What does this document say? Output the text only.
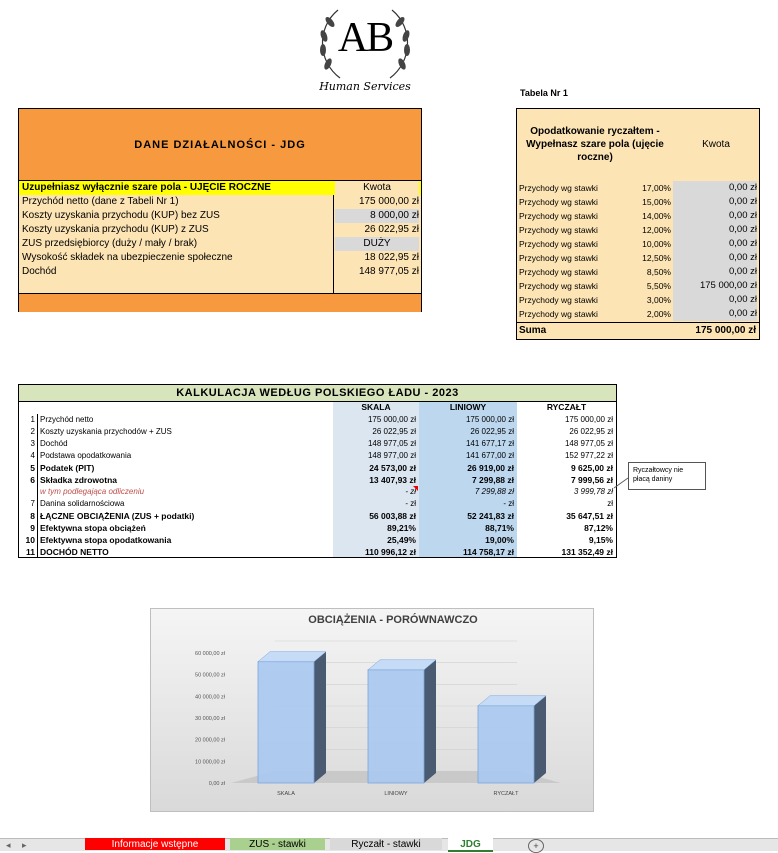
AB
Human Services	Tabela Nr 1
DANE DZIAŁALNOŚCI - JDG
Uzupełniasz wyłącznie szare pola - UJĘCIE ROCZNE	Kwota
Przychód netto (dane z Tabeli Nr 1)	175 000,00 zł
Koszty uzyskania przychodu (KUP) bez ZUS	8 000,00 zł
Koszty uzyskania przychodu (KUP) z ZUS	26 022,95 zł
ZUS przedsiębiorcy (duży / mały / brak)	DUŻY
Wysokość składek na ubezpieczenie społeczne	18 022,95 zł
Dochód	148 977,05 zł
Opodatkowanie ryczałtem - Wypełnasz szare pola (ujęcie roczne)
Kwota
Przychody wg stawki	17,00%	0,00 zł
Przychody wg stawki	15,00%	0,00 zł
Przychody wg stawki	14,00%	0,00 zł
Przychody wg stawki	12,00%	0,00 zł
Przychody wg stawki	10,00%	0,00 zł
Przychody wg stawki	12,50%	0,00 zł
Przychody wg stawki	8,50%	0,00 zł
Przychody wg stawki	5,50%	175 000,00 zł
Przychody wg stawki	3,00%	0,00 zł
Przychody wg stawki	2,00%	0,00 zł
Suma	175 000,00 zł
KALKULACJA WEDŁUG POLSKIEGO ŁADU - 2023
SKALA	LINIOWY	RYCZAŁT
1 Przychód netto	175 000,00 zł	175 000,00 zł	175 000,00 zł
2 Koszty uzyskania przychodów + ZUS	26 022,95 zł	26 022,95 zł	26 022,95 zł
3 Dochód	148 977,05 zł	141 677,17 zł	148 977,05 zł
4 Podstawa opodatkowania	148 977,00 zł	141 677,00 zł	152 977,22 zł
5 Podatek (PIT)	24 573,00 zł	26 919,00 zł	9 625,00 zł
6 Składka zdrowotna	13 407,93 zł	7 299,88 zł	7 999,56 zł
w tym podlegająca odliczeniu	- zł	7 299,88 zł	3 999,78 zł
7 Danina solidarnościowa	- zł	- zł	zł
8 ŁĄCZNE OBCIĄŻENIA (ZUS + podatki)	56 003,88 zł	52 241,83 zł	35 647,51 zł
9 Efektywna stopa obciążeń	89,21%	88,71%	87,12%
10 Efektywna stopa opodatkowania	25,49%	19,00%	9,15%
11 DOCHÓD NETTO	110 996,12 zł	114 758,17 zł	131 352,49 zł
Ryczałtowcy nie płacą daniny
OBCIĄŻENIA - PORÓWNAWCZO
0,00 zł
10 000,00 zł
20 000,00 zł
30 000,00 zł
40 000,00 zł
50 000,00 zł
60 000,00 zł
SKALA	LINIOWY	RYCZAŁT
◂ ▸	Informacje wstępne	ZUS - stawki	Ryczałt - stawki	JDG	+
